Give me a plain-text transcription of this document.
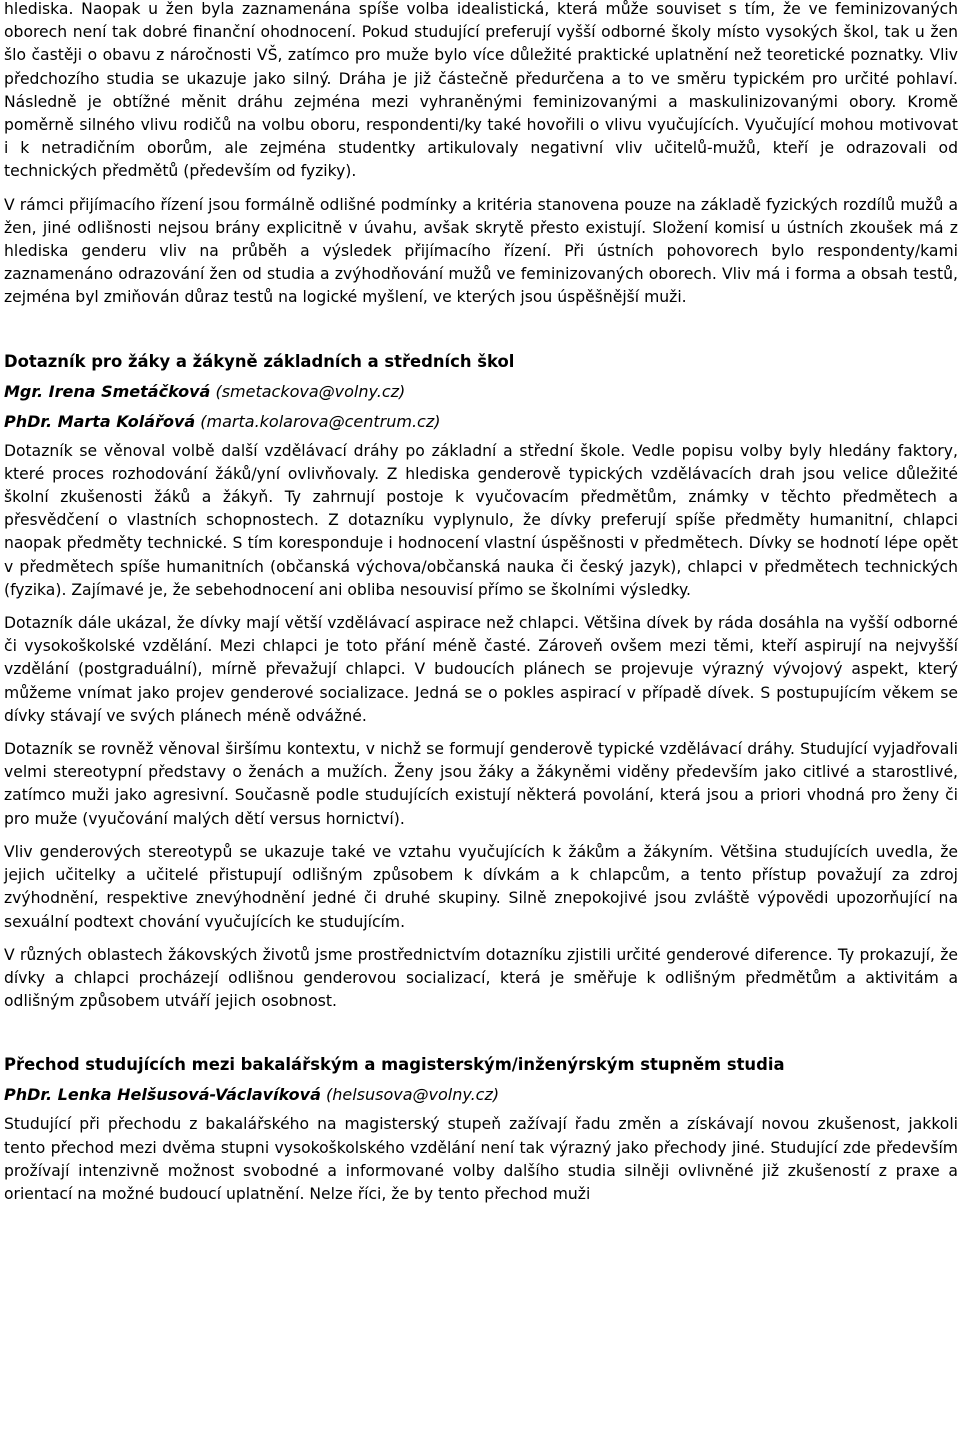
hlediska. Naopak u žen byla zaznamenána spíše volba idealistická, která může souviset s tím, že ve feminizovaných oborech není tak dobré finanční ohodnocení. Pokud studující preferují vyšší odborné školy místo vysokých škol, tak u žen šlo častěji o obavu z náročnosti VŠ, zatímco pro muže bylo více důležité praktické uplatnění než teoretické poznatky. Vliv předchozího studia se ukazuje jako silný. Dráha je již částečně předurčena a to ve směru typickém pro určité pohlaví. Následně je obtížné měnit dráhu zejména mezi vyhraněnými feminizovanými a maskulinizovanými obory. Kromě poměrně silného vlivu rodičů na volbu oboru, respondenti/ky také hovořili o vlivu vyučujících. Vyučující mohou motivovat i k netradičním oborům, ale zejména studentky artikulovaly negativní vliv učitelů-mužů, kteří je odrazovali od technických předmětů (především od fyziky).

V rámci přijímacího řízení jsou formálně odlišné podmínky a kritéria stanovena pouze na základě fyzických rozdílů mužů a žen, jiné odlišnosti nejsou brány explicitně v úvahu, avšak skrytě přesto existují. Složení komisí u ústních zkoušek má z hlediska genderu vliv na průběh a výsledek přijímacího řízení. Při ústních pohovorech bylo respondenty/kami zaznamenáno odrazování žen od studia a zvýhodňování mužů ve feminizovaných oborech. Vliv má i forma a obsah testů, zejména byl zmiňován důraz testů na logické myšlení, ve kterých jsou úspěšnější muži.

Dotazník pro žáky a žákyně základních a středních škol
Mgr. Irena Smetáčková (smetackova@volny.cz)
PhDr. Marta Kolářová (marta.kolarova@centrum.cz)

Dotazník se věnoval volbě další vzdělávací dráhy po základní a střední škole. Vedle popisu volby byly hledány faktory, které proces rozhodování žáků/yní ovlivňovaly. Z hlediska genderově typických vzdělávacích drah jsou velice důležité školní zkušenosti žáků a žákyň. Ty zahrnují postoje k vyučovacím předmětům, známky v těchto předmětech a přesvědčení o vlastních schopnostech. Z dotazníku vyplynulo, že dívky preferují spíše předměty humanitní, chlapci naopak předměty technické. S tím koresponduje i hodnocení vlastní úspěšnosti v předmětech. Dívky se hodnotí lépe opět v předmětech spíše humanitních (občanská výchova/občanská nauka či český jazyk), chlapci v předmětech technických (fyzika). Zajímavé je, že sebehodnocení ani obliba nesouvisí přímo se školními výsledky.

Dotazník dále ukázal, že dívky mají větší vzdělávací aspirace než chlapci. Většina dívek by ráda dosáhla na vyšší odborné či vysokoškolské vzdělání. Mezi chlapci je toto přání méně časté. Zároveň ovšem mezi těmi, kteří aspirují na nejvyšší vzdělání (postgraduální), mírně převažují chlapci. V budoucích plánech se projevuje výrazný vývojový aspekt, který můžeme vnímat jako projev genderové socializace. Jedná se o pokles aspirací v případě dívek. S postupujícím věkem se dívky stávají ve svých plánech méně odvážné.

Dotazník se rovněž věnoval širšímu kontextu, v nichž se formují genderově typické vzdělávací dráhy. Studující vyjadřovali velmi stereotypní představy o ženách a mužích. Ženy jsou žáky a žákyněmi viděny především jako citlivé a starostlivé, zatímco muži jako agresivní. Současně podle studujících existují některá povolání, která jsou a priori vhodná pro ženy či pro muže (vyučování malých dětí versus hornictví).

Vliv genderových stereotypů se ukazuje také ve vztahu vyučujících k žákům a žákyním. Většina studujících uvedla, že jejich učitelky a učitelé přistupují odlišným způsobem k dívkám a k chlapcům, a tento přístup považují za zdroj zvýhodnění, respektive znevýhodnění jedné či druhé skupiny. Silně znepokojivé jsou zvláště výpovědi upozorňující na sexuální podtext chování vyučujících ke studujícím.

V různých oblastech žákovských životů jsme prostřednictvím dotazníku zjistili určité genderové diference. Ty prokazují, že dívky a chlapci procházejí odlišnou genderovou socializací, která je směřuje k odlišným předmětům a aktivitám a odlišným způsobem utváří jejich osobnost.

Přechod studujících mezi bakalářským a magisterským/inženýrským stupněm studia
PhDr. Lenka Helšusová-Václavíková (helsusova@volny.cz)

Studující při přechodu z bakalářského na magisterský stupeň zažívají řadu změn a získávají novou zkušenost, jakkoli tento přechod mezi dvěma stupni vysokoškolského vzdělání není tak výrazný jako přechody jiné. Studující zde především prožívají intenzivně možnost svobodné a informované volby dalšího studia silněji ovlivněné již zkušeností z praxe a orientací na možné budoucí uplatnění. Nelze říci, že by tento přechod muži
